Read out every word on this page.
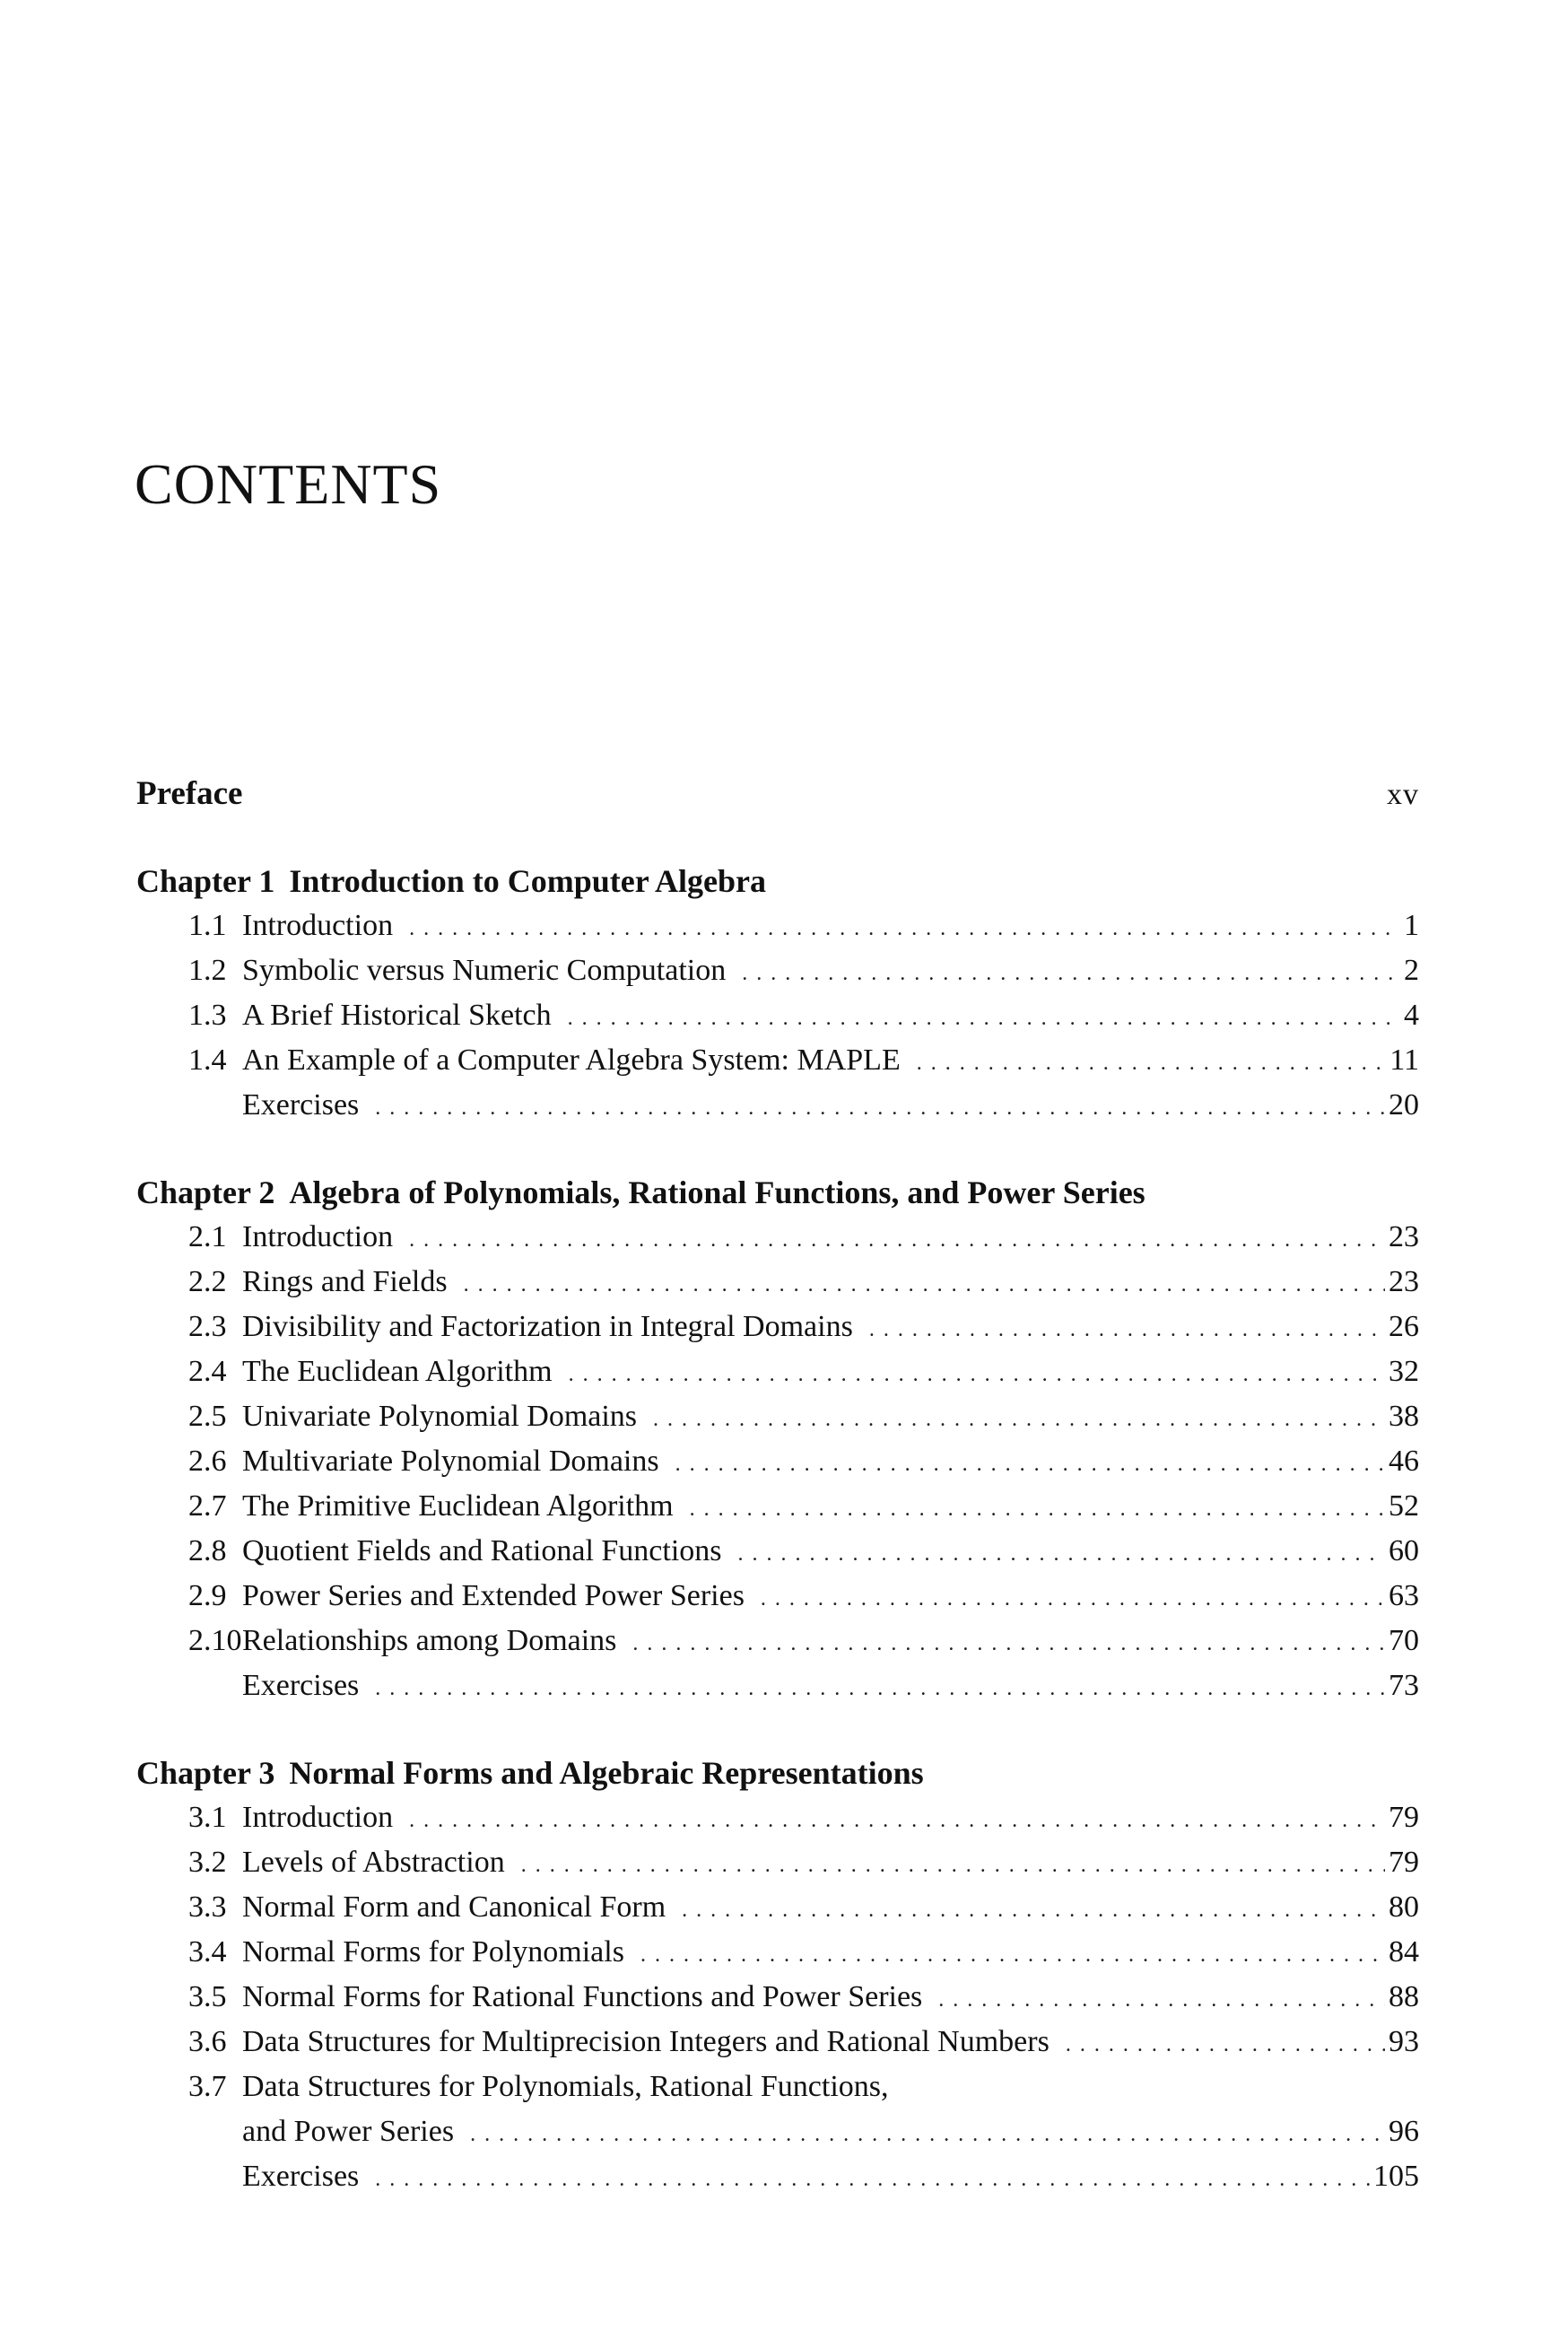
CONTENTS
Preface	xv
Chapter 1 Introduction to Computer Algebra
1.1 Introduction . . .	1
1.2 Symbolic versus Numeric Computation . . .	2
1.3 A Brief Historical Sketch . . .	4
1.4 An Example of a Computer Algebra System: MAPLE . . .	11
Exercises . . .	20
Chapter 2 Algebra of Polynomials, Rational Functions, and Power Series
2.1 Introduction . . .	23
2.2 Rings and Fields . . .	23
2.3 Divisibility and Factorization in Integral Domains . . .	26
2.4 The Euclidean Algorithm . . .	32
2.5 Univariate Polynomial Domains . . .	38
2.6 Multivariate Polynomial Domains . . .	46
2.7 The Primitive Euclidean Algorithm . . .	52
2.8 Quotient Fields and Rational Functions . . .	60
2.9 Power Series and Extended Power Series . . .	63
2.10 Relationships among Domains . . .	70
Exercises . . .	73
Chapter 3 Normal Forms and Algebraic Representations
3.1 Introduction . . .	79
3.2 Levels of Abstraction . . .	79
3.3 Normal Form and Canonical Form . . .	80
3.4 Normal Forms for Polynomials . . .	84
3.5 Normal Forms for Rational Functions and Power Series . . .	88
3.6 Data Structures for Multiprecision Integers and Rational Numbers . . .	93
3.7 Data Structures for Polynomials, Rational Functions,
and Power Series . . .	96
Exercises . . .	105
